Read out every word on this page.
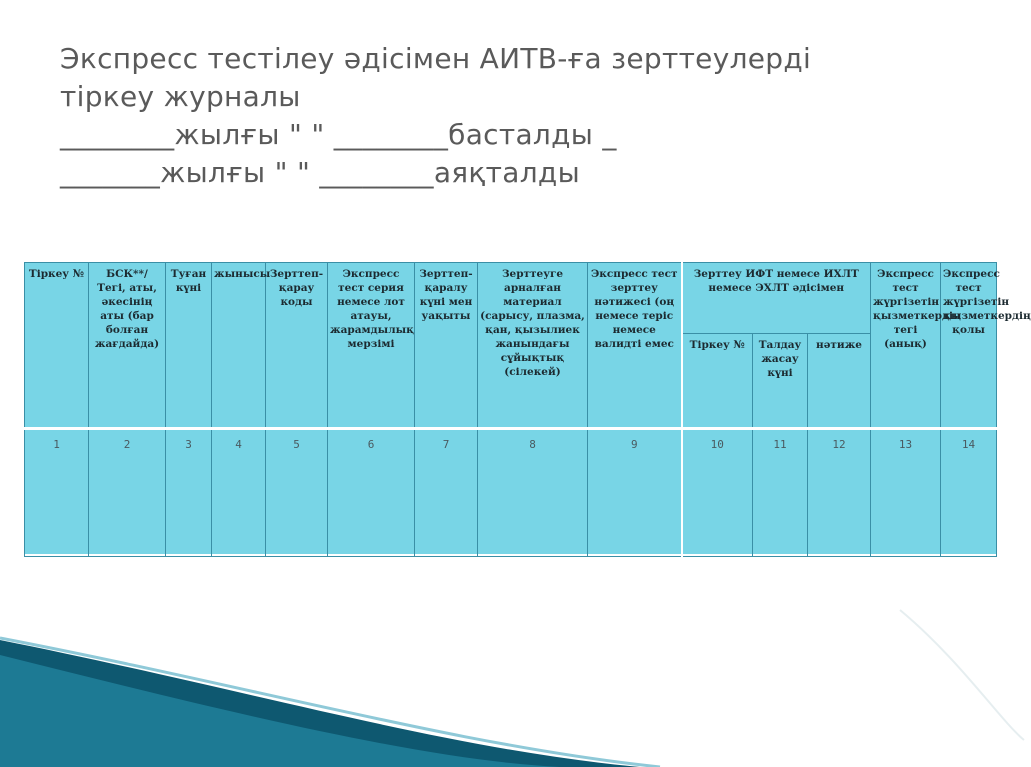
Экспресс тестілеу әдісімен АИТВ-ға зерттеулерді
тіркеу журналы
________жылғы " " ________басталды _
_______жылғы " " ________аяқталды
Тіркеу №	БСК**/ Тегі, аты, әкесінің аты (бар болған жағдайда)	Туған күні	жынысы	Зерттеп-қарау коды	Экспресс тест серия немесе лот атауы, жарамдылық мерзімі	Зерттеп-қаралу күні мен уақыты	Зерттеуге арналған материал (сарысу, плазма, қан, қызылиек жанындағы сұйықтық (сілекей)	Экспресс тест зерттеу нәтижесі (оң немесе теріс немесе валидті емес	Зерттеу ИФТ немесе ИХЛТ немесе ЭХЛТ әдісімен			Экспресс тест жүргізетін қызметкердің тегі (анық)	Экспресс тест жүргізетін қызметкердің қолы
									Тіркеу №	Талдау жасау күні	нәтиже		
1	2	3	4	5	6	7	8	9	10	11	12	13	14
